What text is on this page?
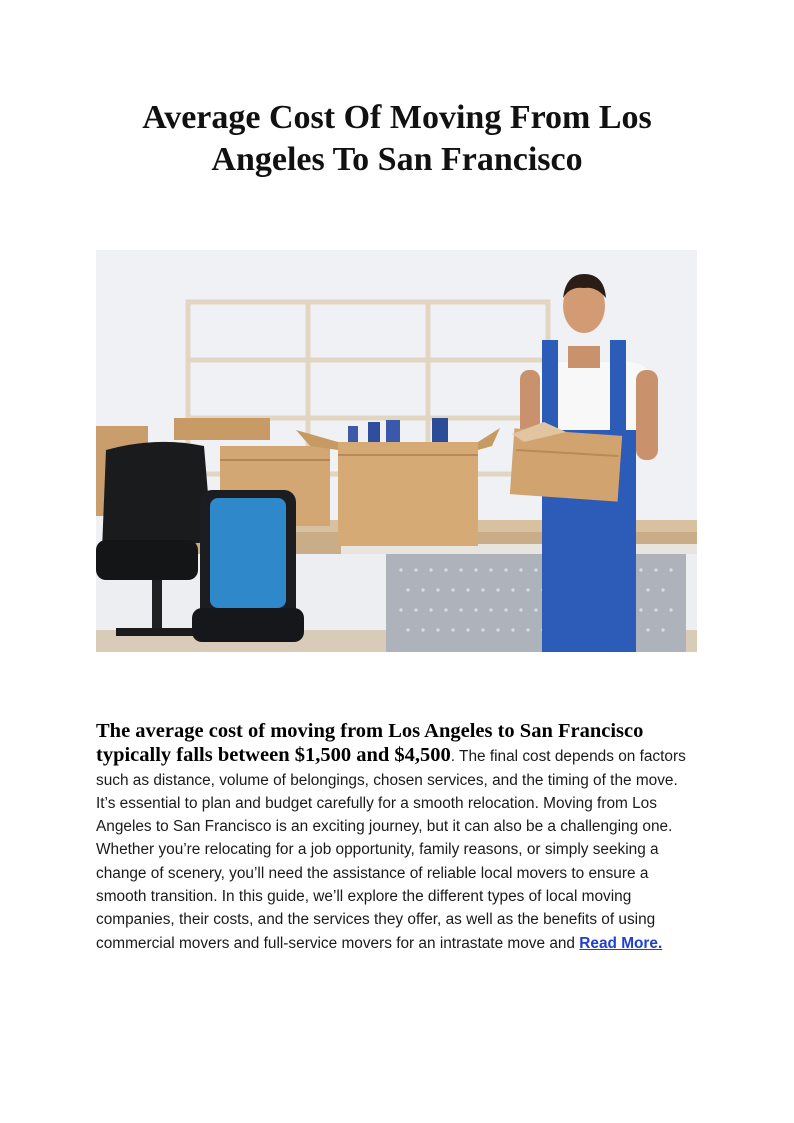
Average Cost Of Moving From Los Angeles To San Francisco

The average cost of moving from Los Angeles to San Francisco typically falls between $1,500 and $4,500. The final cost depends on factors such as distance, volume of belongings, chosen services, and the timing of the move. It’s essential to plan and budget carefully for a smooth relocation. Moving from Los Angeles to San Francisco is an exciting journey, but it can also be a challenging one. Whether you’re relocating for a job opportunity, family reasons, or simply seeking a change of scenery, you’ll need the assistance of reliable local movers to ensure a smooth transition. In this guide, we’ll explore the different types of local moving companies, their costs, and the services they offer, as well as the benefits of using commercial movers and full-service movers for an intrastate move and Read More.
